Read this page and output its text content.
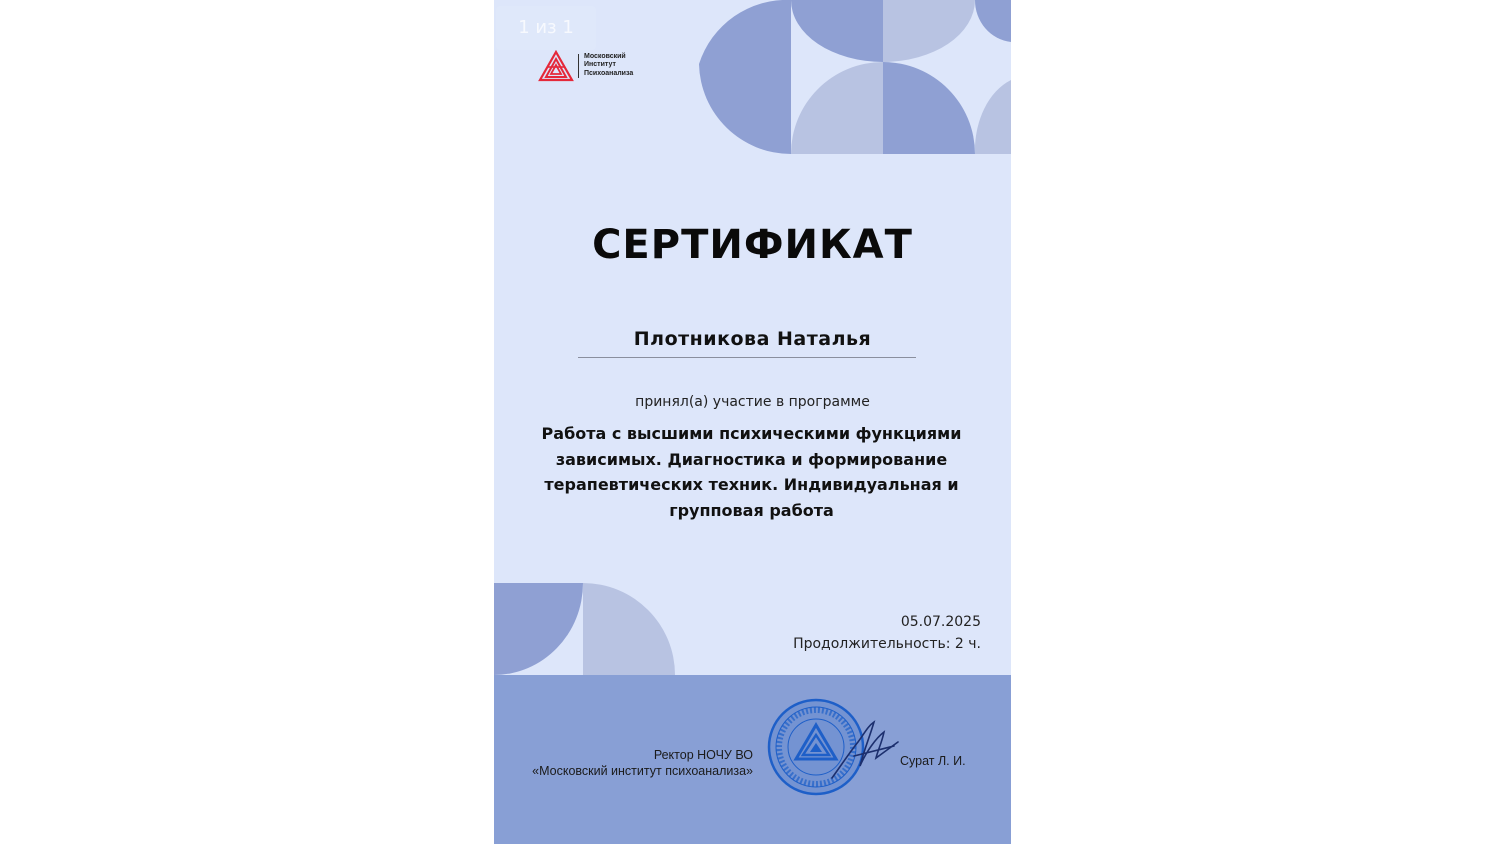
1 из 1
Московский
Институт
Психоанализа
СЕРТИФИКАТ
Плотникова Наталья
принял(а) участие в программе
Работа с высшими психическими функциями зависимых. Диагностика и формирование терапевтических техник. Индивидуальная и групповая работа
05.07.2025
Продолжительность: 2 ч.
Ректор НОЧУ ВО
«Московский институт психоанализа»
Сурат Л. И.
